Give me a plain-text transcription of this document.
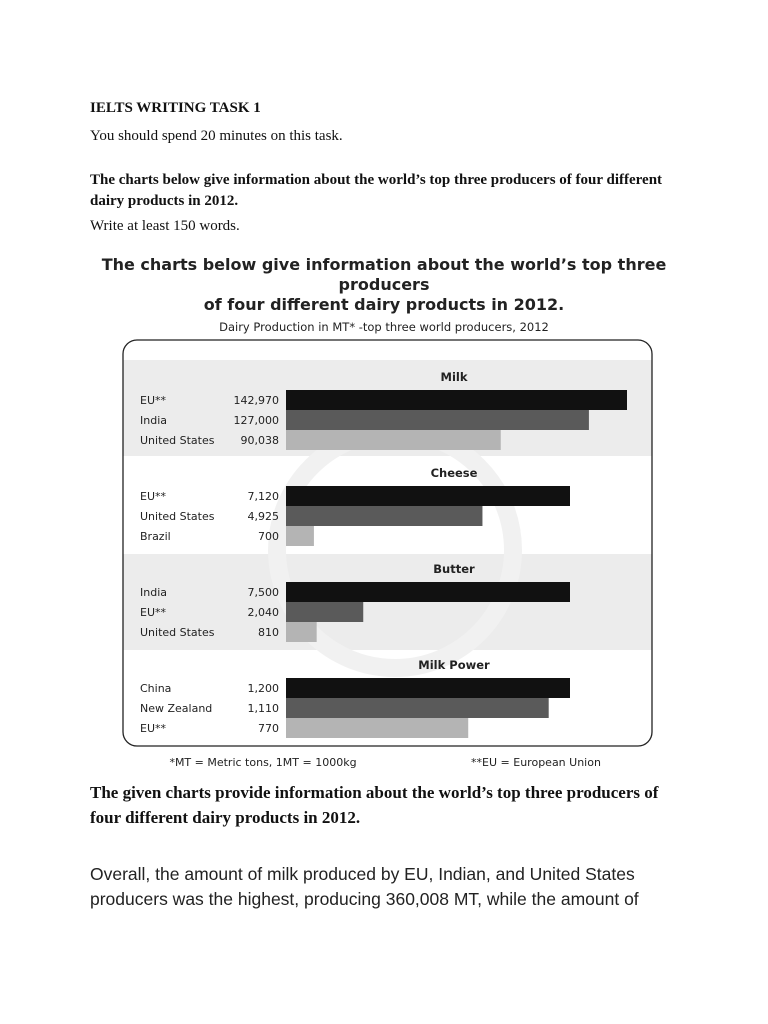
IELTS WRITING TASK 1

You should spend 20 minutes on this task.

The charts below give information about the world’s top three producers of four different dairy products in 2012.

Write at least 150 words.

The charts below give information about the world’s top three producers
of four different dairy products in 2012.
Dairy Production in MT* -top three world producers, 2012
Milk
EU**	142,970
India	127,000
United States 90,038
Cheese
EU**	7,120
United States	4,925
Brazil	700
Butter
India	7,500
EU**	2,040
United States	810
Milk Power
China	1,200
New Zealand	1,110
EU**	770
*MT = Metric tons, 1MT = 1000kg	**EU = European Union

The given charts provide information about the world’s top three producers of four different dairy products in 2012.

Overall, the amount of milk produced by EU, Indian, and United States producers was the highest, producing 360,008 MT, while the amount of
